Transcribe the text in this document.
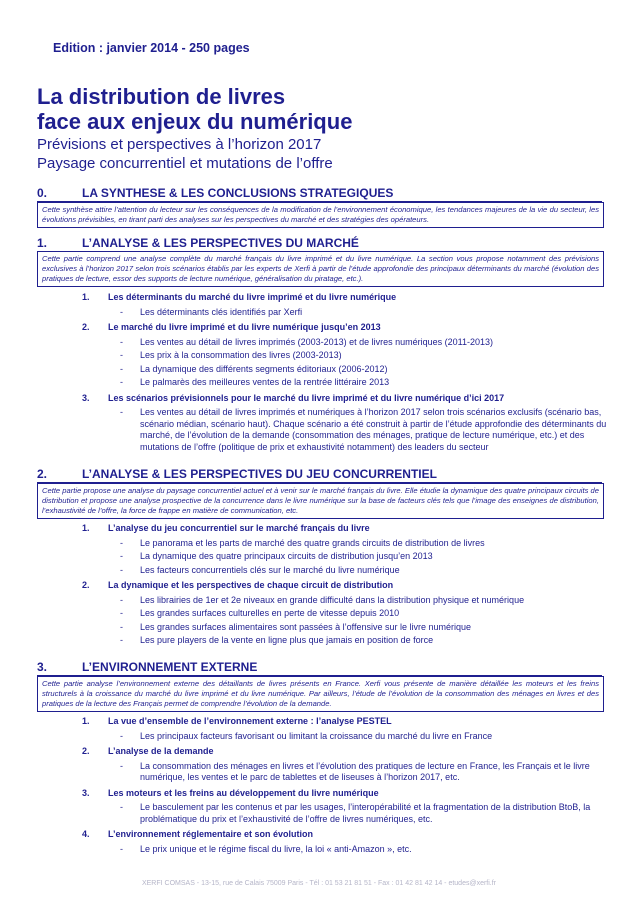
Edition : janvier 2014 - 250 pages
La distribution de livres
face aux enjeux du numérique
Prévisions et perspectives à l’horizon 2017
Paysage concurrentiel et mutations de l’offre
0.	LA SYNTHESE & LES CONCLUSIONS STRATEGIQUES
Cette synthèse attire l’attention du lecteur sur les conséquences de la modification de l’environnement économique, les tendances majeures de la vie du secteur, les évolutions prévisibles, en tirant parti des analyses sur les perspectives du marché et des stratégies des opérateurs.
1.	L’ANALYSE & LES PERSPECTIVES DU MARCHÉ
Cette partie comprend une analyse complète du marché français du livre imprimé et du livre numérique. La section vous propose notamment des prévisions exclusives à l’horizon 2017 selon trois scénarios établis par les experts de Xerfi à partir de l’étude approfondie des principaux déterminants du marché (évolution des pratiques de lecture, essor des supports de lecture numérique, généralisation du piratage, etc.).
1.	Les déterminants du marché du livre imprimé et du livre numérique
-	Les déterminants clés identifiés par Xerfi
2.	Le marché du livre imprimé et du livre numérique jusqu’en 2013
-	Les ventes au détail de livres imprimés (2003-2013) et de livres numériques (2011-2013)
-	Les prix à la consommation des livres (2003-2013)
-	La dynamique des différents segments éditoriaux (2006-2012)
-	Le palmarès des meilleures ventes de la rentrée littéraire 2013
3.	Les scénarios prévisionnels pour le marché du livre imprimé et du livre numérique d’ici 2017
-	Les ventes au détail de livres imprimés et numériques à l’horizon 2017 selon trois scénarios exclusifs (scénario bas, scénario médian, scénario haut). Chaque scénario a été construit à partir de l’étude approfondie des déterminants du marché, de l’évolution de la demande (consommation des ménages, pratique de lecture numérique, etc.) et des mutations de l’offre (politique de prix et exhaustivité notamment) des leaders du secteur
2.	L’ANALYSE & LES PERSPECTIVES DU JEU CONCURRENTIEL
Cette partie propose une analyse du paysage concurrentiel actuel et à venir sur le marché français du livre. Elle étudie la dynamique des quatre principaux circuits de distribution et propose une analyse prospective de la concurrence dans le livre numérique sur la base de facteurs clés tels que l’image des enseignes de distribution, l’exhaustivité de l’offre, la force de frappe en matière de communication, etc.
1.	L’analyse du jeu concurrentiel sur le marché français du livre
-	Le panorama et les parts de marché des quatre grands circuits de distribution de livres
-	La dynamique des quatre principaux circuits de distribution jusqu’en 2013
-	Les facteurs concurrentiels clés sur le marché du livre numérique
2.	La dynamique et les perspectives de chaque circuit de distribution
-	Les librairies de 1er et 2e niveaux en grande difficulté dans la distribution physique et numérique
-	Les grandes surfaces culturelles en perte de vitesse depuis 2010
-	Les grandes surfaces alimentaires sont passées à l’offensive sur le livre numérique
-	Les pure players de la vente en ligne plus que jamais en position de force
3.	L’ENVIRONNEMENT EXTERNE
Cette partie analyse l’environnement externe des détaillants de livres présents en France. Xerfi vous présente de manière détaillée les moteurs et les freins structurels à la croissance du marché du livre imprimé et du livre numérique. Par ailleurs, l’étude de l’évolution de la consommation des ménages en livres et des pratiques de la lecture des Français permet de comprendre l’évolution de la demande.
1.	La vue d’ensemble de l’environnement externe : l’analyse PESTEL
-	Les principaux facteurs favorisant ou limitant la croissance du marché du livre en France
2.	L’analyse de la demande
-	La consommation des ménages en livres et l’évolution des pratiques de lecture en France, les Français et le livre numérique, les ventes et le parc de tablettes et de liseuses à l’horizon 2017, etc.
3.	Les moteurs et les freins au développement du livre numérique
-	Le basculement par les contenus et par les usages, l’interopérabilité et la fragmentation de la distribution BtoB, la problématique du prix et l’exhaustivité de l’offre de livres numériques, etc.
4.	L’environnement réglementaire et son évolution
-	Le prix unique et le régime fiscal du livre, la loi « anti-Amazon », etc.
XERFI COMSAS - 13-15, rue de Calais 75009 Paris - Tél : 01 53 21 81 51 - Fax : 01 42 81 42 14 - etudes@xerfi.fr
